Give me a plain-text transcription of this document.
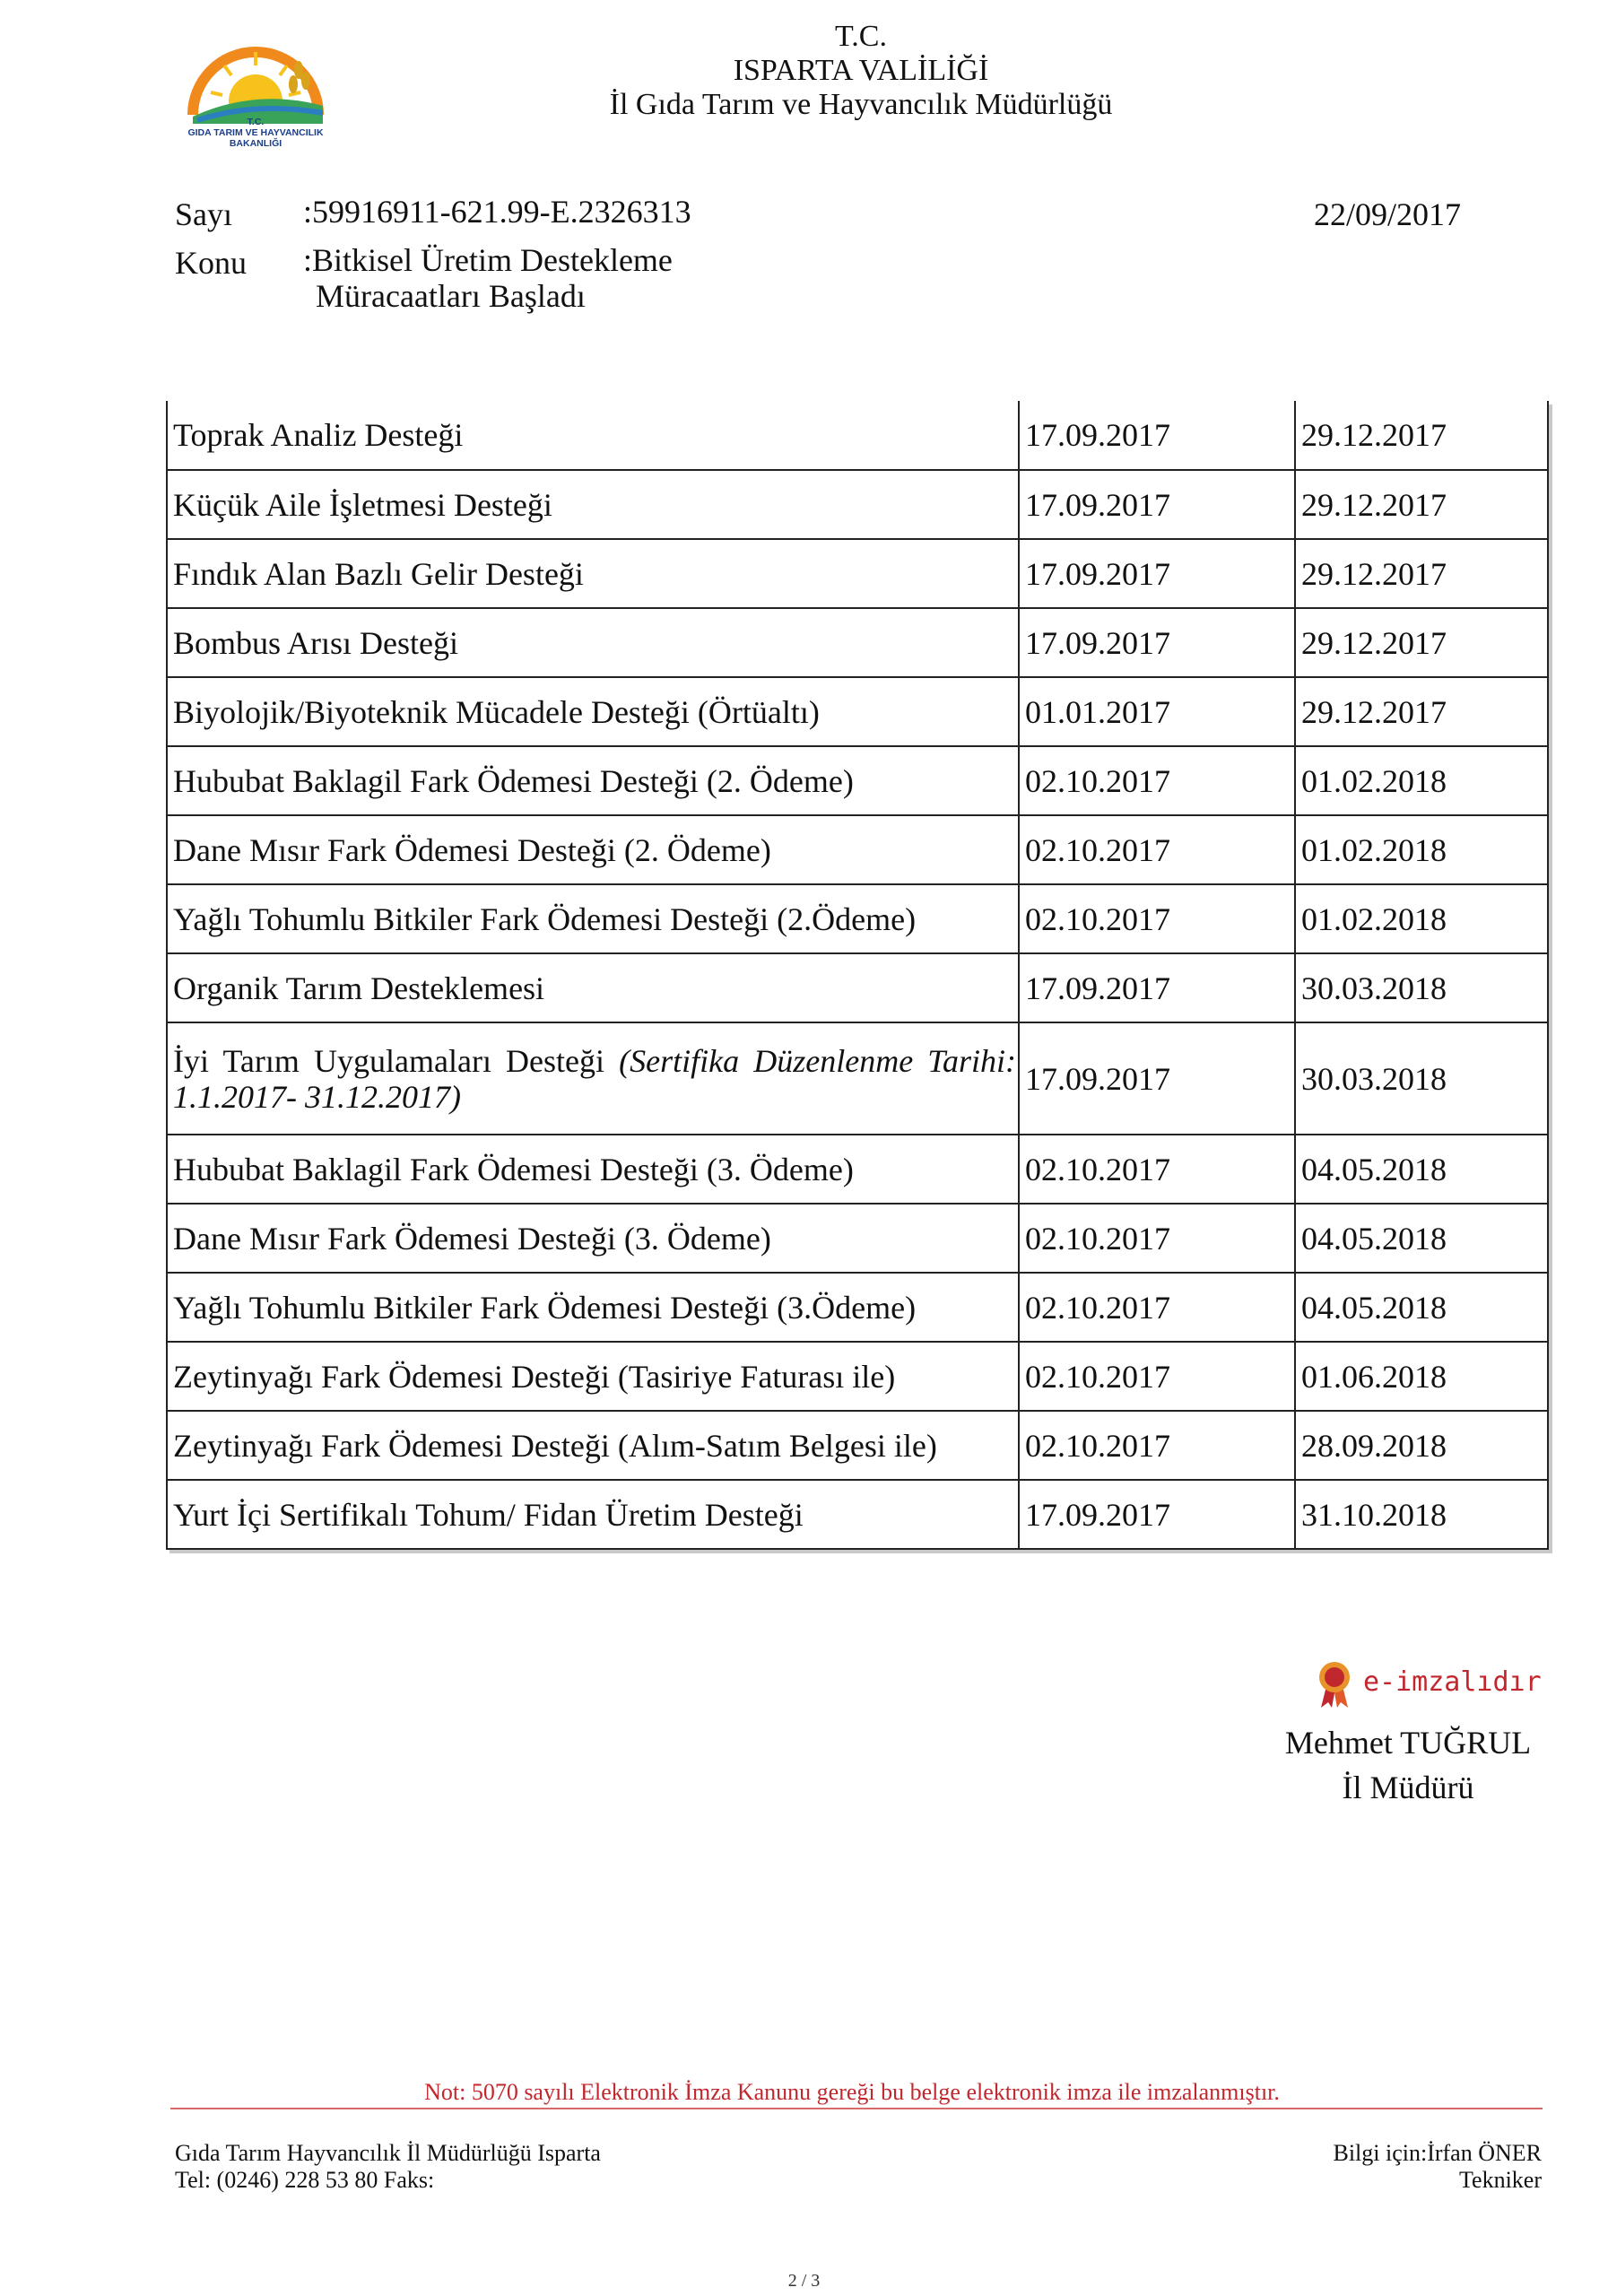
T.C.
GIDA TARIM VE HAYVANCILIK
BAKANLIĞI
T.C.
ISPARTA VALİLİĞİ
İl Gıda Tarım ve Hayvancılık Müdürlüğü
Sayı :59916911-621.99-E.2326313	22/09/2017
Konu :Bitkisel Üretim Destekleme
Müracaatları Başladı
Toprak Analiz Desteği	17.09.2017	29.12.2017
Küçük Aile İşletmesi Desteği	17.09.2017	29.12.2017
Fındık Alan Bazlı Gelir Desteği	17.09.2017	29.12.2017
Bombus Arısı Desteği	17.09.2017	29.12.2017
Biyolojik/Biyoteknik Mücadele Desteği (Örtüaltı)	01.01.2017	29.12.2017
Hububat Baklagil Fark Ödemesi Desteği (2. Ödeme)	02.10.2017	01.02.2018
Dane Mısır Fark Ödemesi Desteği (2. Ödeme)	02.10.2017	01.02.2018
Yağlı Tohumlu Bitkiler Fark Ödemesi Desteği (2.Ödeme)	02.10.2017	01.02.2018
Organik Tarım Desteklemesi	17.09.2017	30.03.2018
İyi Tarım Uygulamaları Desteği (Sertifika Düzenlenme Tarihi: 1.1.2017- 31.12.2017)	17.09.2017	30.03.2018
Hububat Baklagil Fark Ödemesi Desteği (3. Ödeme)	02.10.2017	04.05.2018
Dane Mısır Fark Ödemesi Desteği (3. Ödeme)	02.10.2017	04.05.2018
Yağlı Tohumlu Bitkiler Fark Ödemesi Desteği (3.Ödeme)	02.10.2017	04.05.2018
Zeytinyağı Fark Ödemesi Desteği (Tasiriye Faturası ile)	02.10.2017	01.06.2018
Zeytinyağı Fark Ödemesi Desteği (Alım-Satım Belgesi ile)	02.10.2017	28.09.2018
Yurt İçi Sertifikalı Tohum/ Fidan Üretim Desteği	17.09.2017	31.10.2018
e-imzalıdır
Mehmet TUĞRUL
İl Müdürü
Not: 5070 sayılı Elektronik İmza Kanunu gereği bu belge elektronik imza ile imzalanmıştır.
Gıda Tarım Hayvancılık İl Müdürlüğü Isparta
Tel: (0246) 228 53 80 Faks:
Bilgi için:İrfan ÖNER
Tekniker
2 / 3
